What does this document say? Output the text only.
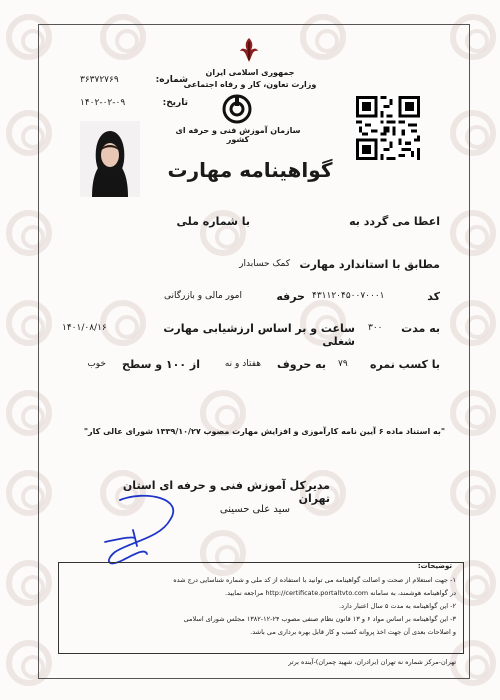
جمهوری اسلامی ایران
وزارت تعاون، کار و رفاه اجتماعی
سازمان آموزش فنی و حرفه ای کشور
شماره:
۳۶۳۷۲۷۶۹
تاریخ:
۱۴۰۲-۰۲-۰۹
گواهینامه مهارت
اعطا می گردد به
با شماره ملی
مطابق با استاندارد مهارت
کمک حسابدار
کد
۴۳۱۱۲۰۴۵۰۰۷۰۰۰۱
حرفه
امور مالی و بازرگانی
به مدت
۳۰۰
ساعت و بر اساس ارزشیابی مهارت شغلی
۱۴۰۱/۰۸/۱۶
با کسب نمره
۷۹
به حروف
هفتاد و نه
از ۱۰۰ و سطح
خوب
"به استناد ماده ۶ آیین نامه کارآموزی و افزایش مهارت مصوب ۱۳۳۹/۱۰/۲۷ شورای عالی کار"
مدیرکل آموزش فنی و حرفه ای استان تهران
سید علی حسینی
توضیحات:
۱- جهت استعلام از صحت و اصالت گواهینامه می توانید با استفاده از کد ملی و شماره شناسایی درج شده
در گواهینامه هوشمند، به سامانه http://certificate.portaltvto.com مراجعه نمایید.
۲- این گواهینامه به مدت ۵ سال اعتبار دارد.
۳- این گواهینامه بر اساس مواد ۶ و ۱۳ قانون نظام صنفی مصوب ۲۴-۱۲-۱۳۸۲ مجلس شورای اسلامی
و اصلاحات بعدی آن جهت اخذ پروانه کسب و کار قابل بهره برداری می باشد.
تهران-مرکز شماره نه تهران (برادران، شهید چمران)-آینده برتر
